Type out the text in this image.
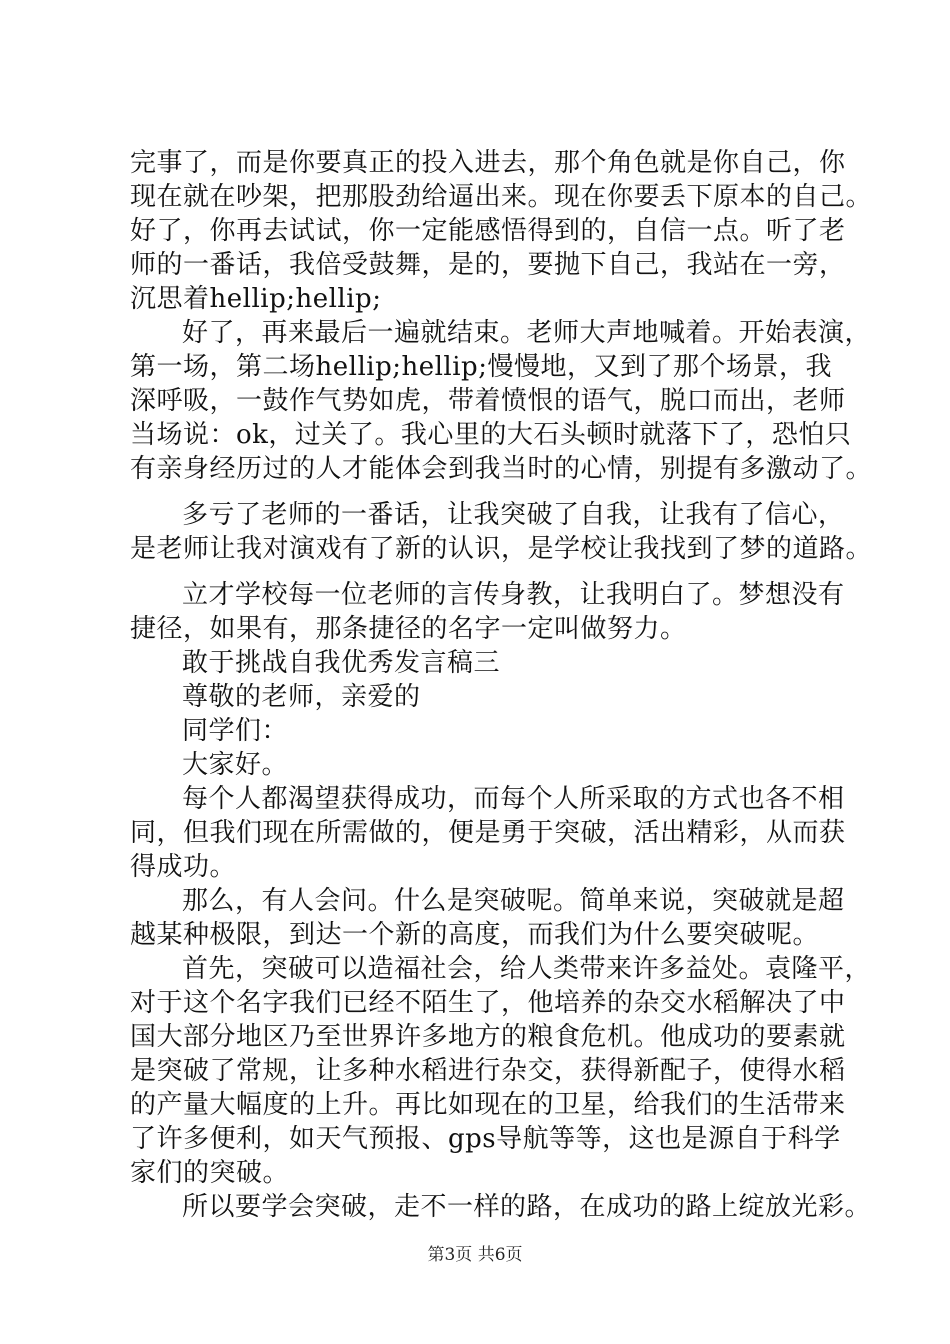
完事了，而是你要真正的投入进去，那个角色就是你自己，你
现在就在吵架，把那股劲给逼出来。现在你要丢下原本的自己。
好了，你再去试试，你一定能感悟得到的，自信一点。听了老
师的一番话，我倍受鼓舞，是的，要抛下自己，我站在一旁，
沉思着hellip;hellip;
好了，再来最后一遍就结束。老师大声地喊着。开始表演，
第一场，第二场hellip;hellip;慢慢地，又到了那个场景，我
深呼吸，一鼓作气势如虎，带着愤恨的语气，脱口而出，老师
当场说：ok，过关了。我心里的大石头顿时就落下了，恐怕只
有亲身经历过的人才能体会到我当时的心情，别提有多激动了。
多亏了老师的一番话，让我突破了自我，让我有了信心，
是老师让我对演戏有了新的认识，是学校让我找到了梦的道路。
立才学校每一位老师的言传身教，让我明白了。梦想没有
捷径，如果有，那条捷径的名字一定叫做努力。
敢于挑战自我优秀发言稿三
尊敬的老师，亲爱的
同学们：
大家好。
每个人都渴望获得成功，而每个人所采取的方式也各不相
同，但我们现在所需做的，便是勇于突破，活出精彩，从而获
得成功。
那么，有人会问。什么是突破呢。简单来说，突破就是超
越某种极限，到达一个新的高度，而我们为什么要突破呢。
首先，突破可以造福社会，给人类带来许多益处。袁隆平，
对于这个名字我们已经不陌生了，他培养的杂交水稻解决了中
国大部分地区乃至世界许多地方的粮食危机。他成功的要素就
是突破了常规，让多种水稻进行杂交，获得新配子，使得水稻
的产量大幅度的上升。再比如现在的卫星，给我们的生活带来
了许多便利，如天气预报、gps导航等等，这也是源自于科学
家们的突破。
第3页 共6页
所以要学会突破，走不一样的路，在成功的路上绽放光彩。
